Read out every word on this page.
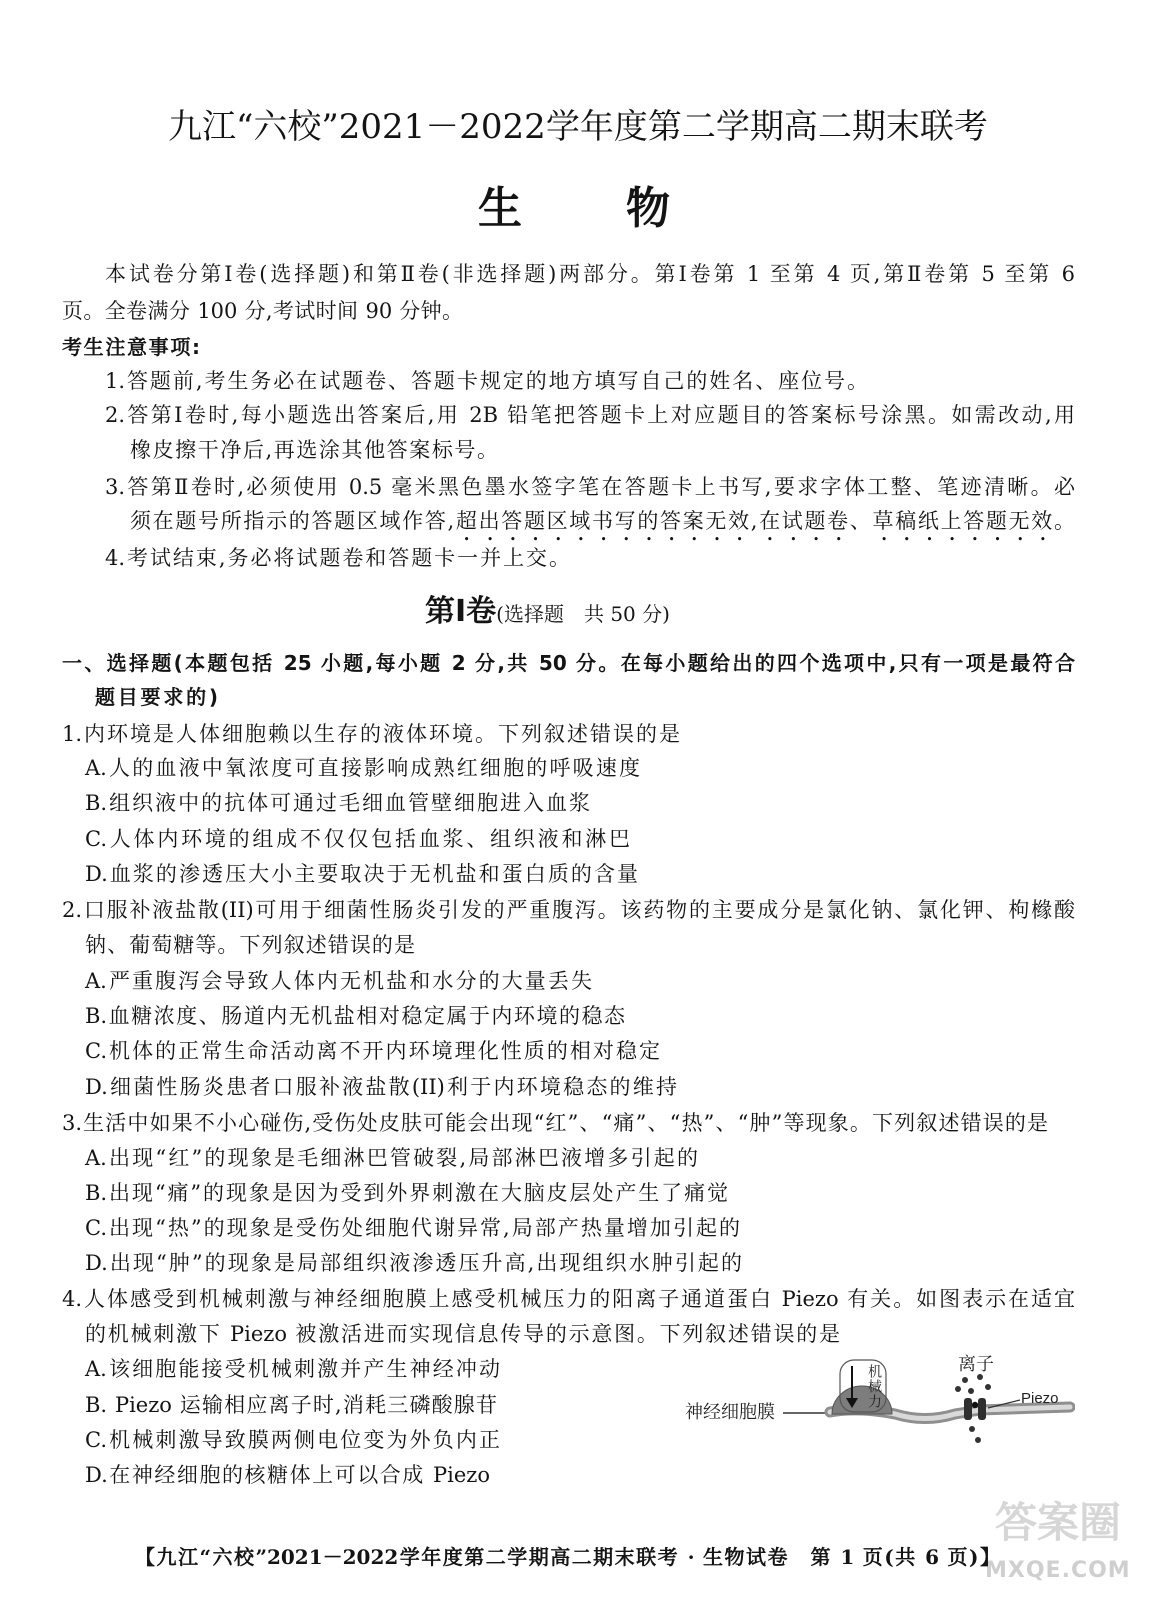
九江“六校”2021－2022学年度第二学期高二期末联考
生　　物
本试卷分第Ⅰ卷(选择题)和第Ⅱ卷(非选择题)两部分。第Ⅰ卷第 1 至第 4 页,第Ⅱ卷第 5 至第 6
页。全卷满分 100 分,考试时间 90 分钟。
考生注意事项:
1.答题前,考生务必在试题卷、答题卡规定的地方填写自己的姓名、座位号。
2.答第Ⅰ卷时,每小题选出答案后,用 2B 铅笔把答题卡上对应题目的答案标号涂黑。如需改动,用
橡皮擦干净后,再选涂其他答案标号。
3.答第Ⅱ卷时,必须使用 0.5 毫米黑色墨水签字笔在答题卡上书写,要求字体工整、笔迹清晰。必
须在题号所指示的答题区域作答,超出答题区域书写的答案无效,在试题卷、草稿纸上答题无效。
4.考试结束,务必将试题卷和答题卡一并上交。
第Ⅰ卷(选择题　共 50 分)
一、选择题(本题包括 25 小题,每小题 2 分,共 50 分。在每小题给出的四个选项中,只有一项是最符合
题目要求的)
1.内环境是人体细胞赖以生存的液体环境。下列叙述错误的是
A.人的血液中氧浓度可直接影响成熟红细胞的呼吸速度
B.组织液中的抗体可通过毛细血管壁细胞进入血浆
C.人体内环境的组成不仅仅包括血浆、组织液和淋巴
D.血浆的渗透压大小主要取决于无机盐和蛋白质的含量
2.口服补液盐散(II)可用于细菌性肠炎引发的严重腹泻。该药物的主要成分是氯化钠、氯化钾、枸橼酸
钠、葡萄糖等。下列叙述错误的是
A.严重腹泻会导致人体内无机盐和水分的大量丢失
B.血糖浓度、肠道内无机盐相对稳定属于内环境的稳态
C.机体的正常生命活动离不开内环境理化性质的相对稳定
D.细菌性肠炎患者口服补液盐散(II)利于内环境稳态的维持
3.生活中如果不小心碰伤,受伤处皮肤可能会出现“红”、“痛”、“热”、“肿”等现象。下列叙述错误的是
A.出现“红”的现象是毛细淋巴管破裂,局部淋巴液增多引起的
B.出现“痛”的现象是因为受到外界刺激在大脑皮层处产生了痛觉
C.出现“热”的现象是受伤处细胞代谢异常,局部产热量增加引起的
D.出现“肿”的现象是局部组织液渗透压升高,出现组织水肿引起的
4.人体感受到机械刺激与神经细胞膜上感受机械压力的阳离子通道蛋白 Piezo 有关。如图表示在适宜
的机械刺激下 Piezo 被激活进而实现信息传导的示意图。下列叙述错误的是
A.该细胞能接受机械刺激并产生神经冲动
B. Piezo 运输相应离子时,消耗三磷酸腺苷
C.机械刺激导致膜两侧电位变为外负内正
D.在神经细胞的核糖体上可以合成 Piezo
神经细胞膜
机械力	离子
Piezo
答案圈
MXQE.COM
【九江“六校”2021－2022学年度第二学期高二期末联考 · 生物试卷　第 1 页(共 6 页)】
